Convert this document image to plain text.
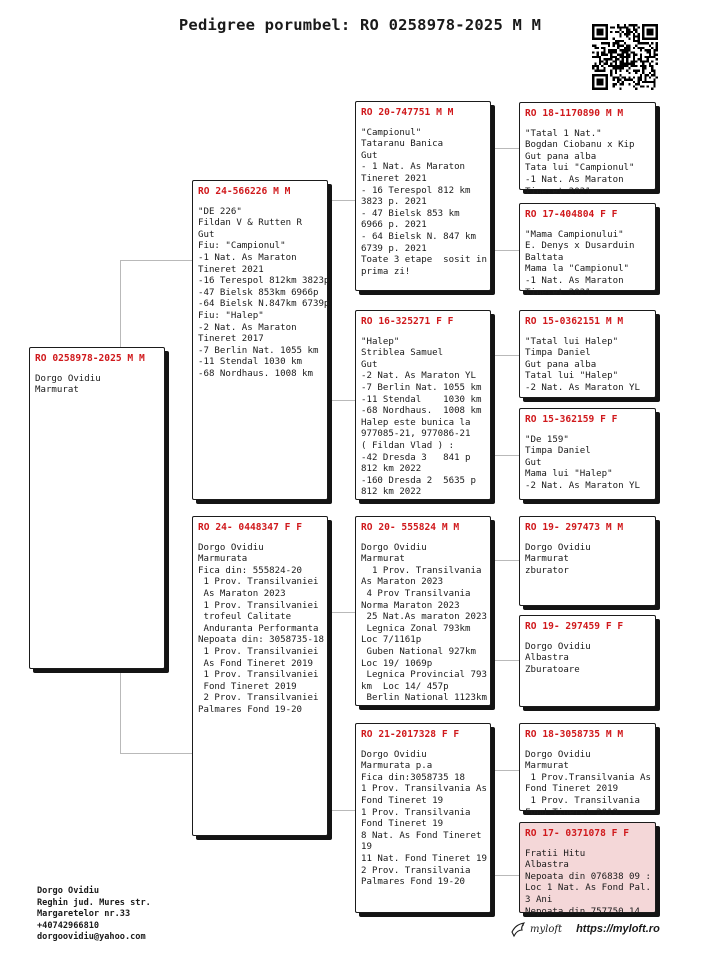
Pedigree porumbel: RO 0258978-2025 M M
RO 0258978-2025 M M
Dorgo Ovidiu
Marmurat
RO 24-566226 M M
"DE 226"
Fildan V & Rutten R
Gut
Fiu: "Campionul"
-1 Nat. As Maraton
Tineret 2021
-16 Terespol 812km 3823p
-47 Bielsk 853km 6966p
-64 Bielsk N.847km 6739p
Fiu: "Halep"
-2 Nat. As Maraton
Tineret 2017
-7 Berlin Nat. 1055 km
-11 Stendal 1030 km
-68 Nordhaus. 1008 km
RO 24- 0448347 F F
Dorgo Ovidiu
Marmurata
Fica din: 555824-20
1 Prov. Transilvaniei
As Maraton 2023
1 Prov. Transilvaniei
trofeul Calitate
Anduranta Performanta
Nepoata din: 3058735-18
1 Prov. Transilvaniei
As Fond Tineret 2019
1 Prov. Transilvaniei
Fond Tineret 2019
2 Prov. Transilvaniei
Palmares Fond 19-20
RO 20-747751 M M
"Campionul"
Tataranu Banica
Gut
- 1 Nat. As Maraton
Tineret 2021
- 16 Terespol 812 km
3823 p. 2021
- 47 Bielsk 853 km
6966 p. 2021
- 64 Bielsk N. 847 km
6739 p. 2021
Toate 3 etape  sosit in
prima zi!
RO 16-325271 F F
"Halep"
Striblea Samuel
Gut
-2 Nat. As Maraton YL
-7 Berlin Nat. 1055 km
-11 Stendal    1030 km
-68 Nordhaus.  1008 km
Halep este bunica la
977085-21, 977086-21
( Fildan Vlad ) :
-42 Dresda 3   841 p
812 km 2022
-160 Dresda 2  5635 p
812 km 2022
RO 20- 555824 M M
Dorgo Ovidiu
Marmurat
1 Prov. Transilvania
As Maraton 2023
4 Prov Transilvania
Norma Maraton 2023
25 Nat.As maraton 2023
Legnica Zonal 793km
Loc 7/1161p
Guben National 927km
Loc 19/ 1069p
Legnica Provincial 793
km  Loc 14/ 457p
Berlin National 1123km
RO 21-2017328 F F
Dorgo Ovidiu
Marmurata p.a
Fica din:3058735 18
1 Prov. Transilvania As
Fond Tineret 19
1 Prov. Transilvania
Fond Tineret 19
8 Nat. As Fond Tineret
19
11 Nat. Fond Tineret 19
2 Prov. Transilvania
Palmares Fond 19-20
RO 18-1170890 M M
"Tatal 1 Nat."
Bogdan Ciobanu x Kip
Gut pana alba
Tata lui "Campionul"
-1 Nat. As Maraton
Tineret 2021
RO 17-404804 F F
"Mama Campionului"
E. Denys x Dusarduin
Baltata
Mama la "Campionul"
-1 Nat. As Maraton
Tineret 2021
RO 15-0362151 M M
"Tatal lui Halep"
Timpa Daniel
Gut pana alba
Tatal lui "Halep"
-2 Nat. As Maraton YL
RO 15-362159 F F
"De 159"
Timpa Daniel
Gut
Mama lui "Halep"
-2 Nat. As Maraton YL
RO 19- 297473 M M
Dorgo Ovidiu
Marmurat
zburator
RO 19- 297459 F F
Dorgo Ovidiu
Albastra
Zburatoare
RO 18-3058735 M M
Dorgo Ovidiu
Marmurat
1 Prov.Transilvania As
Fond Tineret 2019
1 Prov. Transilvania
Fond Tineret 2019
RO 17- 0371078 F F
Fratii Hitu
Albastra
Nepoata din 076838 09 :
Loc 1 Nat. As Fond Pal.
3 Ani
Nepoata din 757750 14
Dorgo Ovidiu
Reghin jud. Mures str.
Margaretelor nr.33
+40742966810
dorgoovidiu@yahoo.com
myloft https://myloft.ro
